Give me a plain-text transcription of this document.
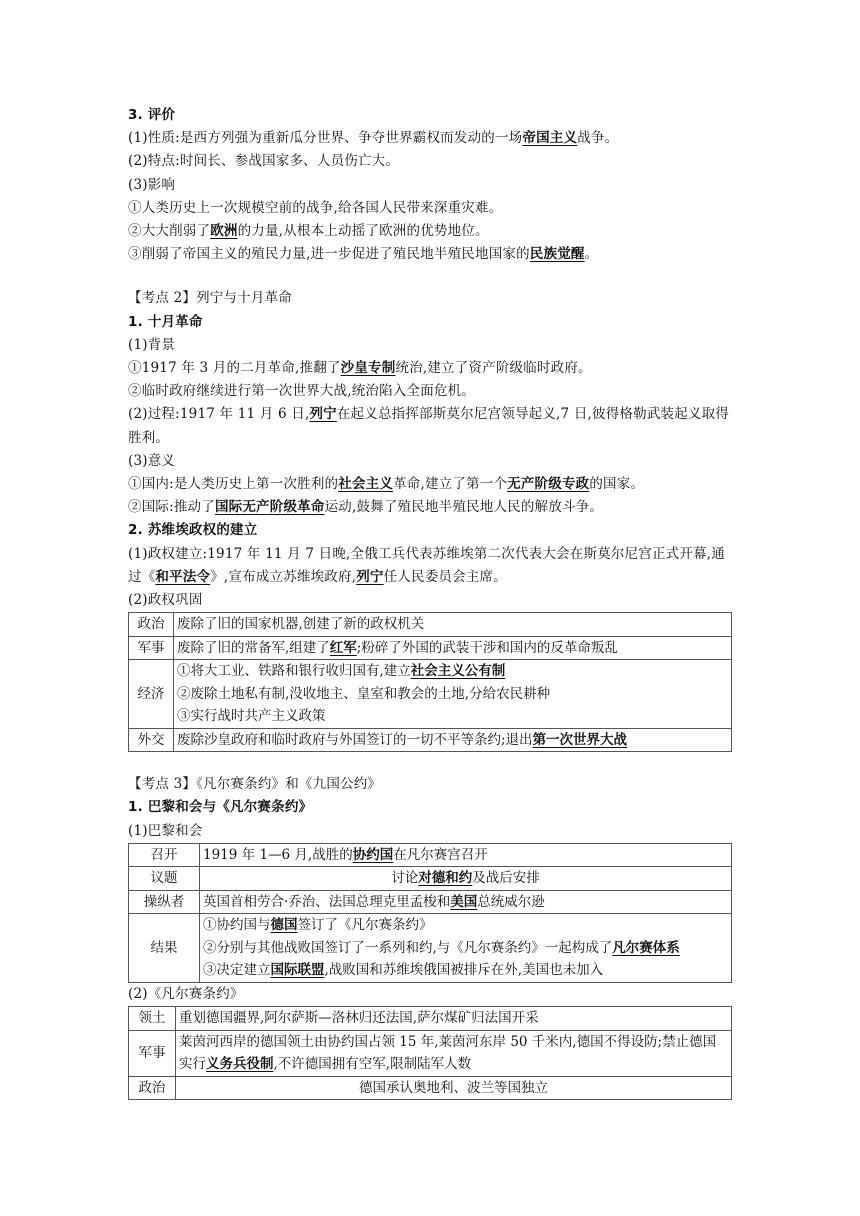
3. 评价
(1)性质:是西方列强为重新瓜分世界、争夺世界霸权而发动的一场帝国主义战争。
(2)特点:时间长、参战国家多、人员伤亡大。
(3)影响
①人类历史上一次规模空前的战争,给各国人民带来深重灾难。
②大大削弱了欧洲的力量,从根本上动摇了欧洲的优势地位。
③削弱了帝国主义的殖民力量,进一步促进了殖民地半殖民地国家的民族觉醒。
【考点 2】列宁与十月革命
1. 十月革命
(1)背景
①1917 年 3 月的二月革命,推翻了沙皇专制统治,建立了资产阶级临时政府。
②临时政府继续进行第一次世界大战,统治陷入全面危机。
(2)过程:1917 年 11 月 6 日,列宁在起义总指挥部斯莫尔尼宫领导起义,7 日,彼得格勒武装起义取得胜利。
(3)意义
①国内:是人类历史上第一次胜利的社会主义革命,建立了第一个无产阶级专政的国家。
②国际:推动了国际无产阶级革命运动,鼓舞了殖民地半殖民地人民的解放斗争。
2. 苏维埃政权的建立
(1)政权建立:1917 年 11 月 7 日晚,全俄工兵代表苏维埃第二次代表大会在斯莫尔尼宫正式开幕,通过《和平法令》,宣布成立苏维埃政府,列宁任人民委员会主席。
(2)政权巩固
政治	废除了旧的国家机器,创建了新的政权机关
军事	废除了旧的常备军,组建了红军;粉碎了外国的武装干涉和国内的反革命叛乱
经济	①将大工业、铁路和银行收归国有,建立社会主义公有制
②废除土地私有制,没收地主、皇室和教会的土地,分给农民耕种
③实行战时共产主义政策

外交	废除沙皇政府和临时政府与外国签订的一切不平等条约;退出第一次世界大战
【考点 3】《凡尔赛条约》和《九国公约》
1. 巴黎和会与《凡尔赛条约》
(1)巴黎和会
召开	1919 年 1—6 月,战胜的协约国在凡尔赛宫召开
议题	讨论对德和约及战后安排
操纵者	英国首相劳合·乔治、法国总理克里孟梭和美国总统威尔逊
结果	①协约国与德国签订了《凡尔赛条约》
②分别与其他战败国签订了一系列和约,与《凡尔赛条约》一起构成了凡尔赛体系
③决定建立国际联盟,战败国和苏维埃俄国被排斥在外,美国也未加入
(2)《凡尔赛条约》
领土	重划德国疆界,阿尔萨斯—洛林归还法国,萨尔煤矿归法国开采
军事	莱茵河西岸的德国领土由协约国占领 15 年,莱茵河东岸 50 千米内,德国不得设防;禁止德国实行义务兵役制,不许德国拥有空军,限制陆军人数
政治	德国承认奥地利、波兰等国独立
